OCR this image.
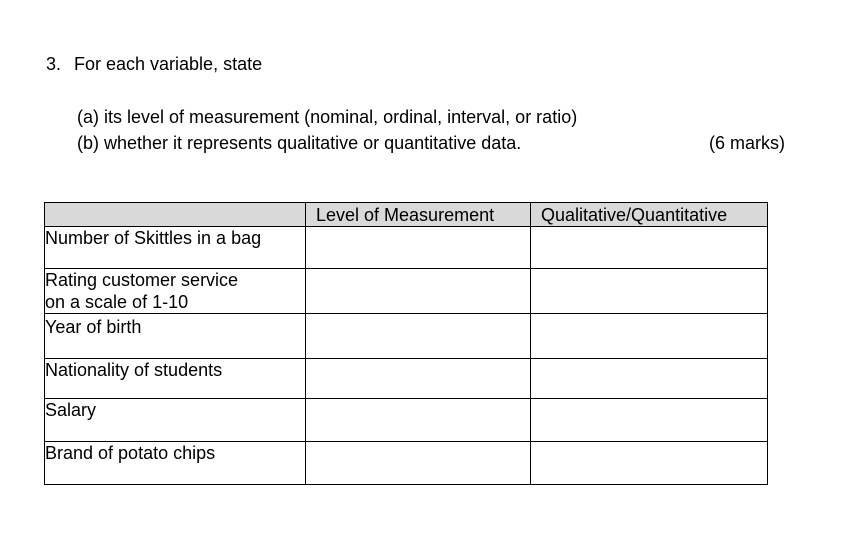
3. For each variable, state
(a) its level of measurement (nominal, ordinal, interval, or ratio)
(b) whether it represents qualitative or quantitative data.	(6 marks)
	Level of Measurement	Qualitative/Quantitative

Number of Skittles in a bag		

Rating customer service
on a scale of 1-10		

Year of birth		

Nationality of students		

Salary		

Brand of potato chips		
